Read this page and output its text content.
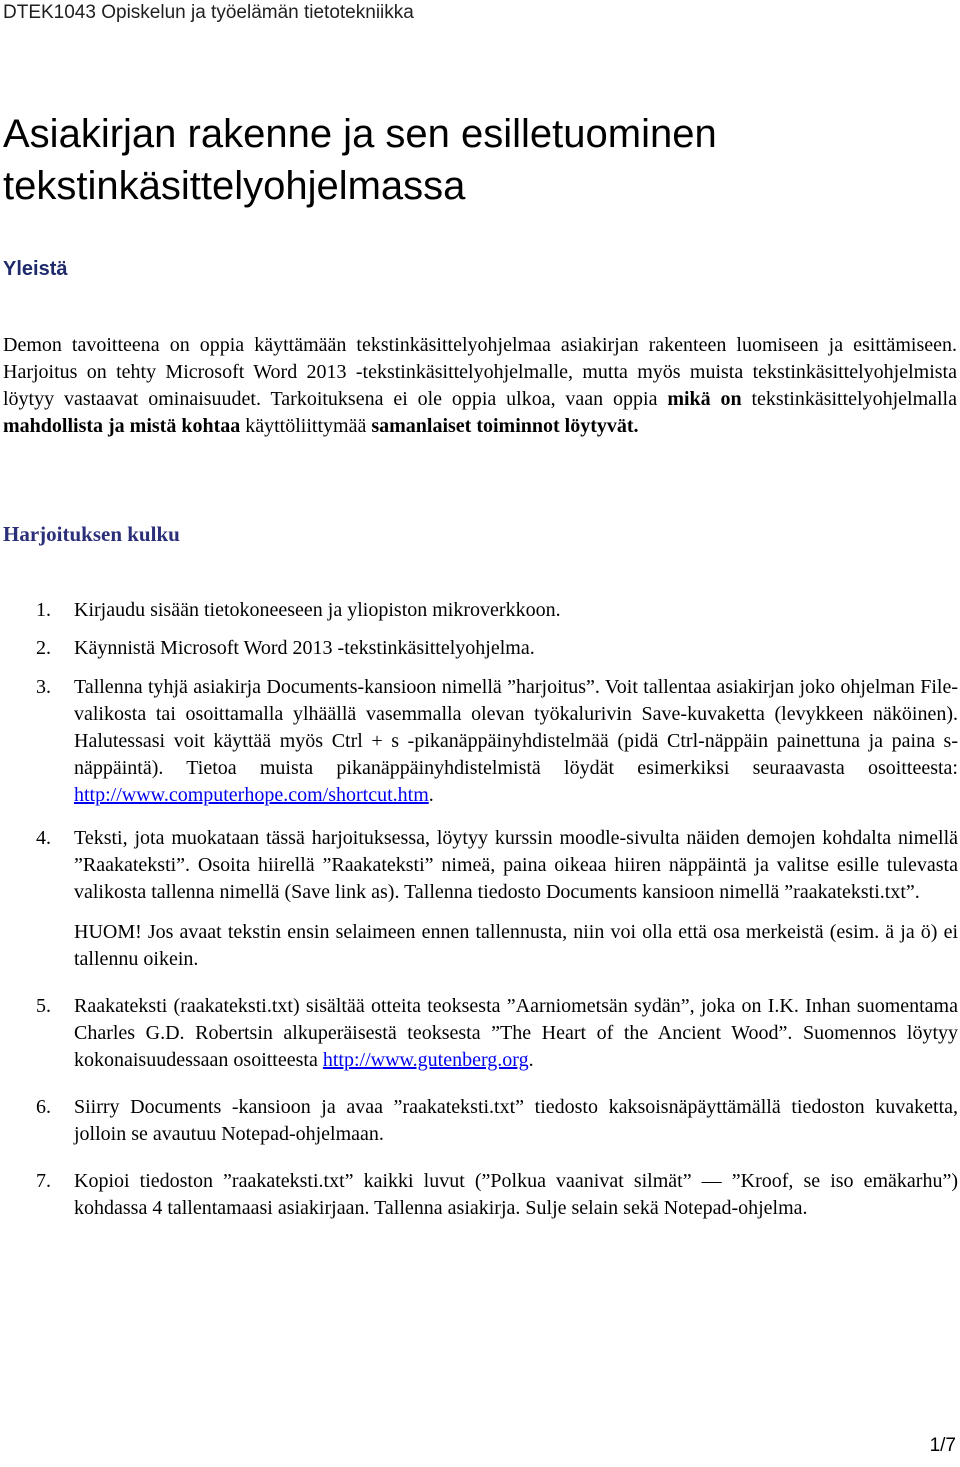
DTEK1043 Opiskelun ja työelämän tietotekniikka
Asiakirjan rakenne ja sen esilletuominen tekstinkäsittelyohjelmassa
Yleistä

Demon tavoitteena on oppia käyttämään tekstinkäsittelyohjelmaa asiakirjan rakenteen luomiseen ja esittämiseen. Harjoitus on tehty Microsoft Word 2013 -tekstinkäsittelyohjelmalle, mutta myös muista tekstinkäsittelyohjelmista löytyy vastaavat ominaisuudet. Tarkoituksena ei ole oppia ulkoa, vaan oppia mikä on tekstinkäsittelyohjelmalla mahdollista ja mistä kohtaa käyttöliittymää samanlaiset toiminnot löytyvät.

Harjoituksen kulku
1. Kirjaudu sisään tietokoneeseen ja yliopiston mikroverkkoon.

2. Käynnistä Microsoft Word 2013 -tekstinkäsittelyohjelma.

3. Tallenna tyhjä asiakirja Documents-kansioon nimellä ”harjoitus”. Voit tallentaa asiakirjan joko ohjelman File-valikosta tai osoittamalla ylhäällä vasemmalla olevan työkalurivin Save-kuvaketta (levykkeen näköinen). Halutessasi voit käyttää myös Ctrl + s -pikanäppäinyhdistelmää (pidä Ctrl-näppäin painettuna ja paina s-näppäintä). Tietoa muista pikanäppäinyhdistelmistä löydät esimerkiksi seuraavasta osoitteesta: http://www.computerhope.com/shortcut.htm.

4. Teksti, jota muokataan tässä harjoituksessa, löytyy kurssin moodle-sivulta näiden demojen kohdalta nimellä ”Raakateksti”. Osoita hiirellä ”Raakateksti” nimeä, paina oikeaa hiiren näppäintä ja valitse esille tulevasta valikosta tallenna nimellä (Save link as). Tallenna tiedosto Documents kansioon nimellä ”raakateksti.txt”.

HUOM! Jos avaat tekstin ensin selaimeen ennen tallennusta, niin voi olla että osa merkeistä (esim. ä ja ö) ei tallennu oikein.

5. Raakateksti (raakateksti.txt) sisältää otteita teoksesta ”Aarniometsän sydän”, joka on I.K. Inhan suomentama Charles G.D. Robertsin alkuperäisestä teoksesta ”The Heart of the Ancient Wood”. Suomennos löytyy kokonaisuudessaan osoitteesta http://www.gutenberg.org.

6. Siirry Documents -kansioon ja avaa ”raakateksti.txt” tiedosto kaksoisnäpäyttämällä tiedoston kuvaketta, jolloin se avautuu Notepad-ohjelmaan.

7. Kopioi tiedoston ”raakateksti.txt” kaikki luvut (”Polkua vaanivat silmät” — ”Kroof, se iso emäkarhu”) kohdassa 4 tallentamaasi asiakirjaan. Tallenna asiakirja. Sulje selain sekä Notepad-ohjelma.

1/7
